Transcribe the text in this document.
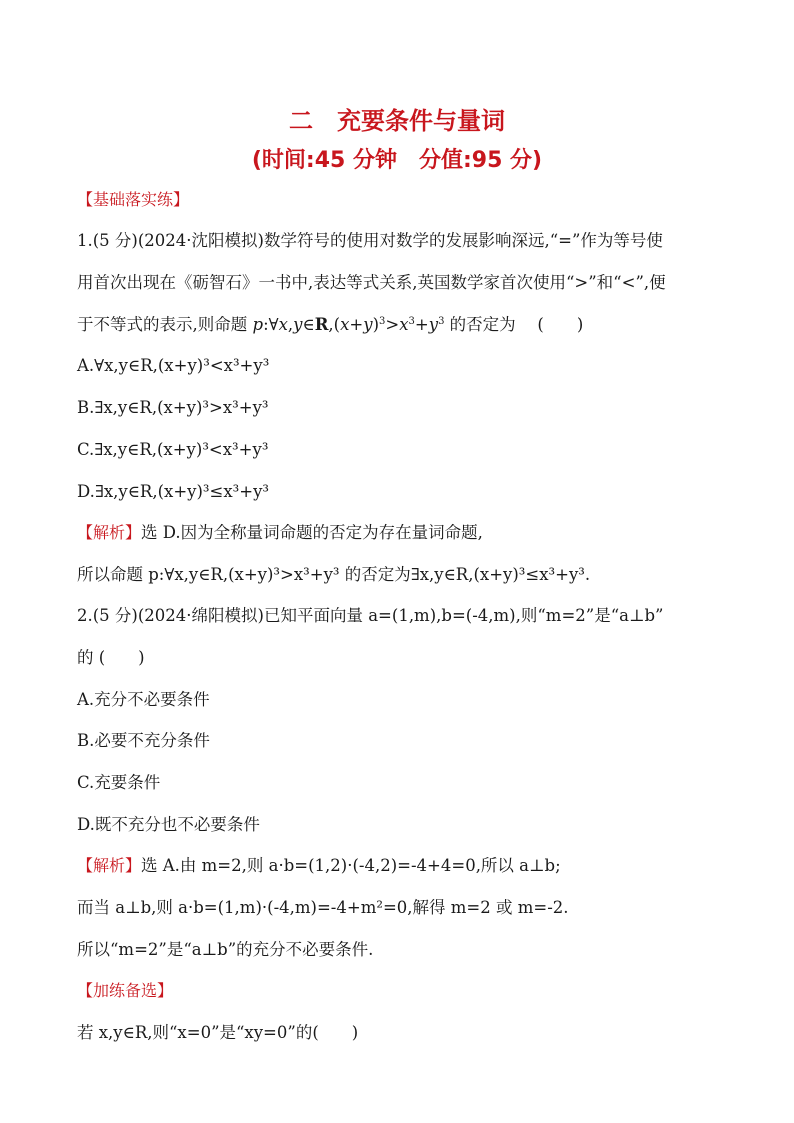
二　充要条件与量词
(时间:45 分钟　分值:95 分)
【基础落实练】
1.(5 分)(2024·沈阳模拟)数学符号的使用对数学的发展影响深远,“=”作为等号使
用首次出现在《砺智石》一书中,表达等式关系,英国数学家首次使用“>”和“<”,便
于不等式的表示,则命题 $p:\forall x,y\in R,(x+y)^3>x^3+y^3$ 的否定为　 (　　)
A.∀x,y∈R,(x+y)³<x³+y³
B.∃x,y∈R,(x+y)³>x³+y³
C.∃x,y∈R,(x+y)³<x³+y³
D.∃x,y∈R,(x+y)³≤x³+y³
【解析】选 D.因为全称量词命题的否定为存在量词命题,
所以命题 p:∀x,y∈R,(x+y)³>x³+y³ 的否定为∃x,y∈R,(x+y)³≤x³+y³.
2.(5 分)(2024·绵阳模拟)已知平面向量 a=(1,m),b=(-4,m),则“m=2”是“a⊥b”
的 (　　)
A.充分不必要条件
B.必要不充分条件
C.充要条件
D.既不充分也不必要条件
【解析】选 A.由 m=2,则 a·b=(1,2)·(-4,2)=-4+4=0,所以 a⊥b;
而当 a⊥b,则 a·b=(1,m)·(-4,m)=-4+m²=0,解得 m=2 或 m=-2.
所以“m=2”是“a⊥b”的充分不必要条件.
【加练备选】
若 x,y∈R,则“x=0”是“xy=0”的(　　)
